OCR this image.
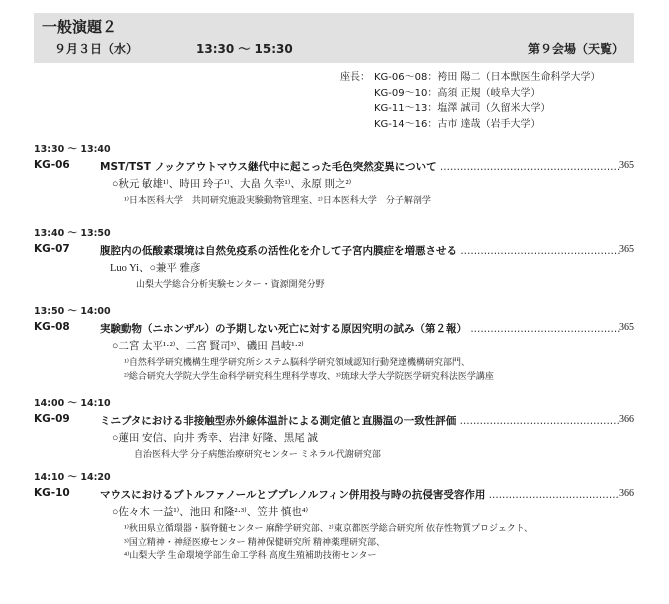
一般演題２
９月３日（水）	13:30 〜 15:30	第９会場（天覧）
座長： KG-06〜08：袴田 陽二（日本獣医生命科学大学）
KG-09〜10：高須 正規（岐阜大学）
KG-11〜13：塩澤 誠司（久留米大学）
KG-14〜16：古市 達哉（岩手大学）
13:30 〜 13:40
KG-06	MST/TST ノックアウトマウス継代中に起こった毛色突然変異について .....	365
○秋元 敏雄¹⁾、時田 玲子¹⁾、大畠 久幸¹⁾、永原 則之²⁾
¹⁾日本医科大学　共同研究施設実験動物管理室、²⁾日本医科大学　分子解剖学
13:40 〜 13:50
KG-07	腹腔内の低酸素環境は自然免疫系の活性化を介して子宮内膜症を増悪させる .....	365
Luo Yi、○兼平 雅彦
山梨大学総合分析実験センター・資源開発分野
13:50 〜 14:00
KG-08	実験動物（ニホンザル）の予期しない死亡に対する原因究明の試み（第２報） .....	365
○二宮 太平¹·²⁾、二宮 賢司³⁾、磯田 昌岐¹·²⁾
¹⁾自然科学研究機構生理学研究所システム脳科学研究領域認知行動発達機構研究部門、
²⁾総合研究大学院大学生命科学研究科生理科学専攻、³⁾琉球大学大学院医学研究科法医学講座
14:00 〜 14:10
KG-09	ミニブタにおける非接触型赤外線体温計による測定値と直腸温の一致性評価 .....	366
○蓮田 安信、向井 秀幸、岩津 好隆、黒尾 誠
自治医科大学 分子病態治療研究センター ミネラル代謝研究部
14:10 〜 14:20
KG-10	マウスにおけるブトルファノールとブプレノルフィン併用投与時の抗侵害受容作用 .....	366
○佐々木 一益¹⁾、池田 和隆²·³⁾、笠井 慎也⁴⁾
¹⁾秋田県立循環器・脳脊髄センター 麻酔学研究部、²⁾東京都医学総合研究所 依存性物質プロジェクト、
³⁾国立精神・神経医療センター 精神保健研究所 精神薬理研究部、
⁴⁾山梨大学 生命環境学部生命工学科 高度生殖補助技術センター
